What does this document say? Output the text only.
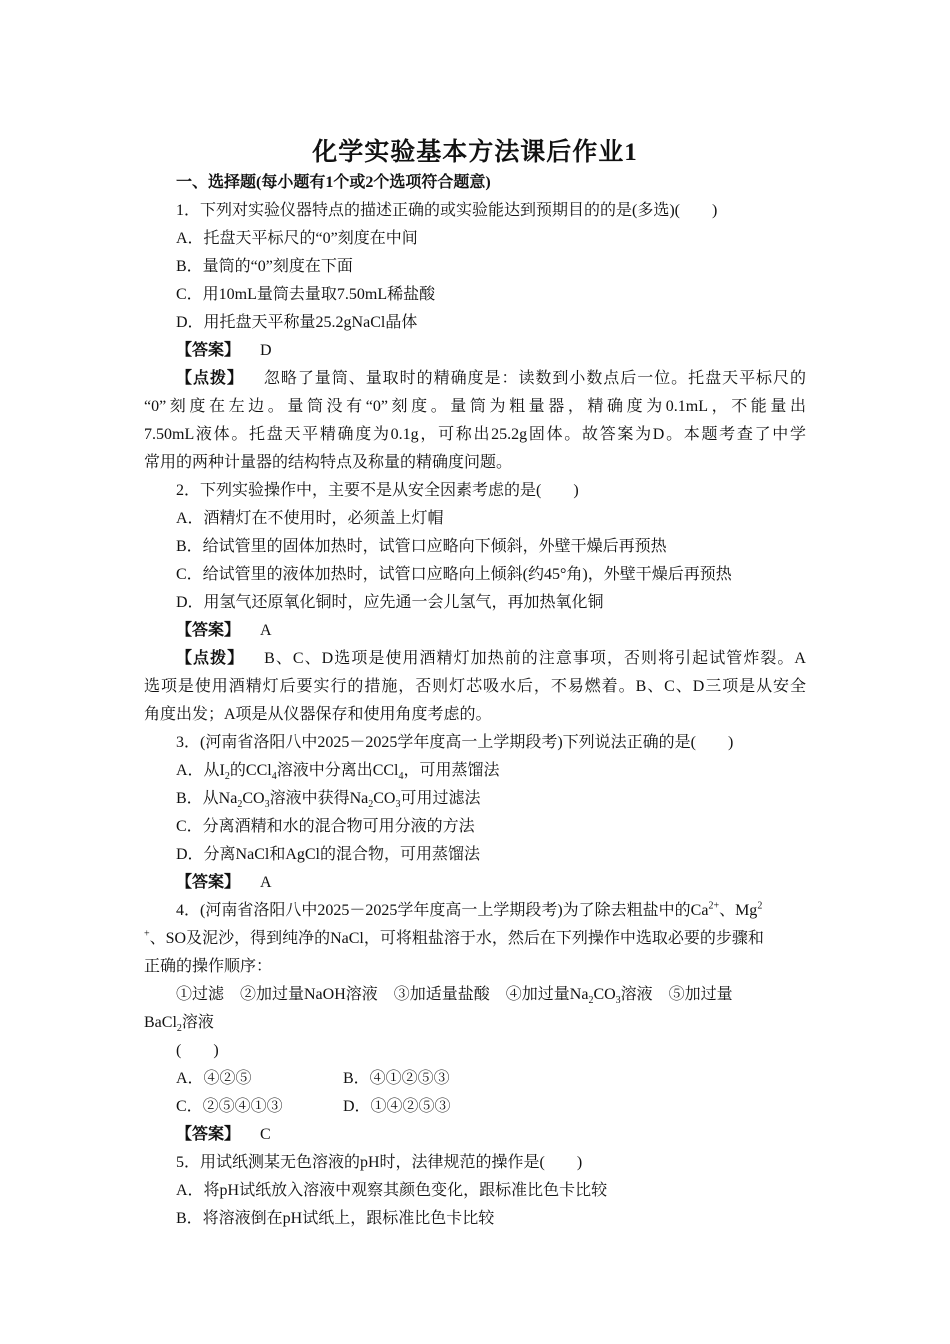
化学实验基本方法课后作业1
一、选择题(每小题有1个或2个选项符合题意)
1．下列对实验仪器特点的描述正确的或实验能达到预期目的的是(多选)(　　)
A．托盘天平标尺的“0”刻度在中间
B．量筒的“0”刻度在下面
C．用10mL量筒去量取7.50mL稀盐酸
D．用托盘天平称量25.2gNaCl晶体
【答案】 D
【点拨】 忽略了量筒、量取时的精确度是：读数到小数点后一位。托盘天平标尺的
“0”刻度在左边。量筒没有“0”刻度。量筒为粗量器，精确度为0.1mL，不能量出
7.50mL液体。托盘天平精确度为0.1g，可称出25.2g固体。故答案为D。本题考查了中学
常用的两种计量器的结构特点及称量的精确度问题。
2．下列实验操作中，主要不是从安全因素考虑的是(　　)
A．酒精灯在不使用时，必须盖上灯帽
B．给试管里的固体加热时，试管口应略向下倾斜，外壁干燥后再预热
C．给试管里的液体加热时，试管口应略向上倾斜(约45°角)，外壁干燥后再预热
D．用氢气还原氧化铜时，应先通一会儿氢气，再加热氧化铜
【答案】 A
【点拨】 B、C、D选项是使用酒精灯加热前的注意事项，否则将引起试管炸裂。A
选项是使用酒精灯后要实行的措施，否则灯芯吸水后，不易燃着。B、C、D三项是从安全
角度出发；A项是从仪器保存和使用角度考虑的。
3．(河南省洛阳八中2025－2025学年度高一上学期段考)下列说法正确的是(　　)
A．从$I_2$的CCl$_4$溶液中分离出CCl$_4$，可用蒸馏法
B．从$Na_2CO_3$溶液中获得$Na_2CO_3$可用过滤法
C．分离酒精和水的混合物可用分液的方法
D．分离NaCl和AgCl的混合物，可用蒸馏法
【答案】 A
4．(河南省洛阳八中2025－2025学年度高一上学期段考)为了除去粗盐中的$Ca^{2+}$、Mg$^2$
+、SO及泥沙，得到纯净的NaCl，可将粗盐溶于水，然后在下列操作中选取必要的步骤和
正确的操作顺序：
①过滤　②加过量NaOH溶液　③加适量盐酸　④加过量$Na_2CO_3$溶液　⑤加过量
BaCl$_2$溶液
(　　)
A．④②⑤	B．④①②⑤③
C．②⑤④①③	D．①④②⑤③
【答案】 C
5．用试纸测某无色溶液的pH时，法律规范的操作是(　　)
A．将pH试纸放入溶液中观察其颜色变化，跟标准比色卡比较
B．将溶液倒在pH试纸上，跟标准比色卡比较
